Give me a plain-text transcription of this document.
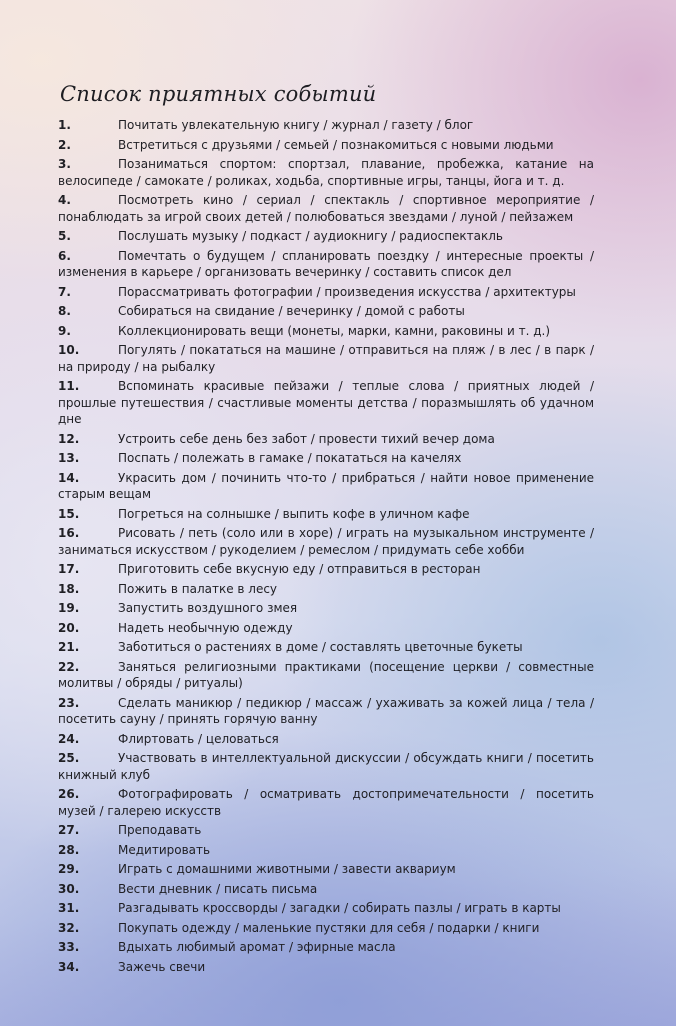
Список приятных событий
1.	Почитать увлекательную книгу / журнал / газету / блог
2.	Встретиться с друзьями / семьей / познакомиться с новыми людьми
3.	Позаниматься спортом: спортзал, плавание, пробежка, катание на велосипеде / самокате / роликах, ходьба, спортивные игры, танцы, йога и т. д.
4.	Посмотреть кино / сериал / спектакль / спортивное мероприятие / понаблюдать за игрой своих детей / полюбоваться звездами / луной / пейзажем
5.	Послушать музыку / подкаст / аудиокнигу / радиоспектакль
6.	Помечтать о будущем / спланировать поездку / интересные проекты / изменения в карьере / организовать вечеринку / составить список дел
7.	Порассматривать фотографии / произведения искусства / архитектуры
8.	Собираться на свидание / вечеринку / домой с работы
9.	Коллекционировать вещи (монеты, марки, камни, раковины и т. д.)
10.	Погулять / покататься на машине / отправиться на пляж / в лес / в парк / на природу / на рыбалку
11.	Вспоминать красивые пейзажи / теплые слова / приятных людей / прошлые путешествия / счастливые моменты детства / поразмышлять об удачном дне
12.	Устроить себе день без забот / провести тихий вечер дома
13.	Поспать / полежать в гамаке / покататься на качелях
14.	Украсить дом / починить что-то / прибраться / найти новое применение старым вещам
15.	Погреться на солнышке / выпить кофе в уличном кафе
16.	Рисовать / петь (соло или в хоре) / играть на музыкальном инструменте / заниматься искусством / рукоделием / ремеслом / придумать себе хобби
17.	Приготовить себе вкусную еду / отправиться в ресторан
18.	Пожить в палатке в лесу
19.	Запустить воздушного змея
20.	Надеть необычную одежду
21.	Заботиться о растениях в доме / составлять цветочные букеты
22.	Заняться религиозными практиками (посещение церкви / совместные молитвы / обряды / ритуалы)
23.	Сделать маникюр / педикюр / массаж / ухаживать за кожей лица / тела / посетить сауну / принять горячую ванну
24.	Флиртовать / целоваться
25.	Участвовать в интеллектуальной дискуссии / обсуждать книги / посетить книжный клуб
26.	Фотографировать / осматривать достопримечательности / посетить музей / галерею искусств
27.	Преподавать
28.	Медитировать
29.	Играть с домашними животными / завести аквариум
30.	Вести дневник / писать письма
31.	Разгадывать кроссворды / загадки / собирать пазлы / играть в карты
32.	Покупать одежду / маленькие пустяки для себя / подарки / книги
33.	Вдыхать любимый аромат / эфирные масла
34.	Зажечь свечи
